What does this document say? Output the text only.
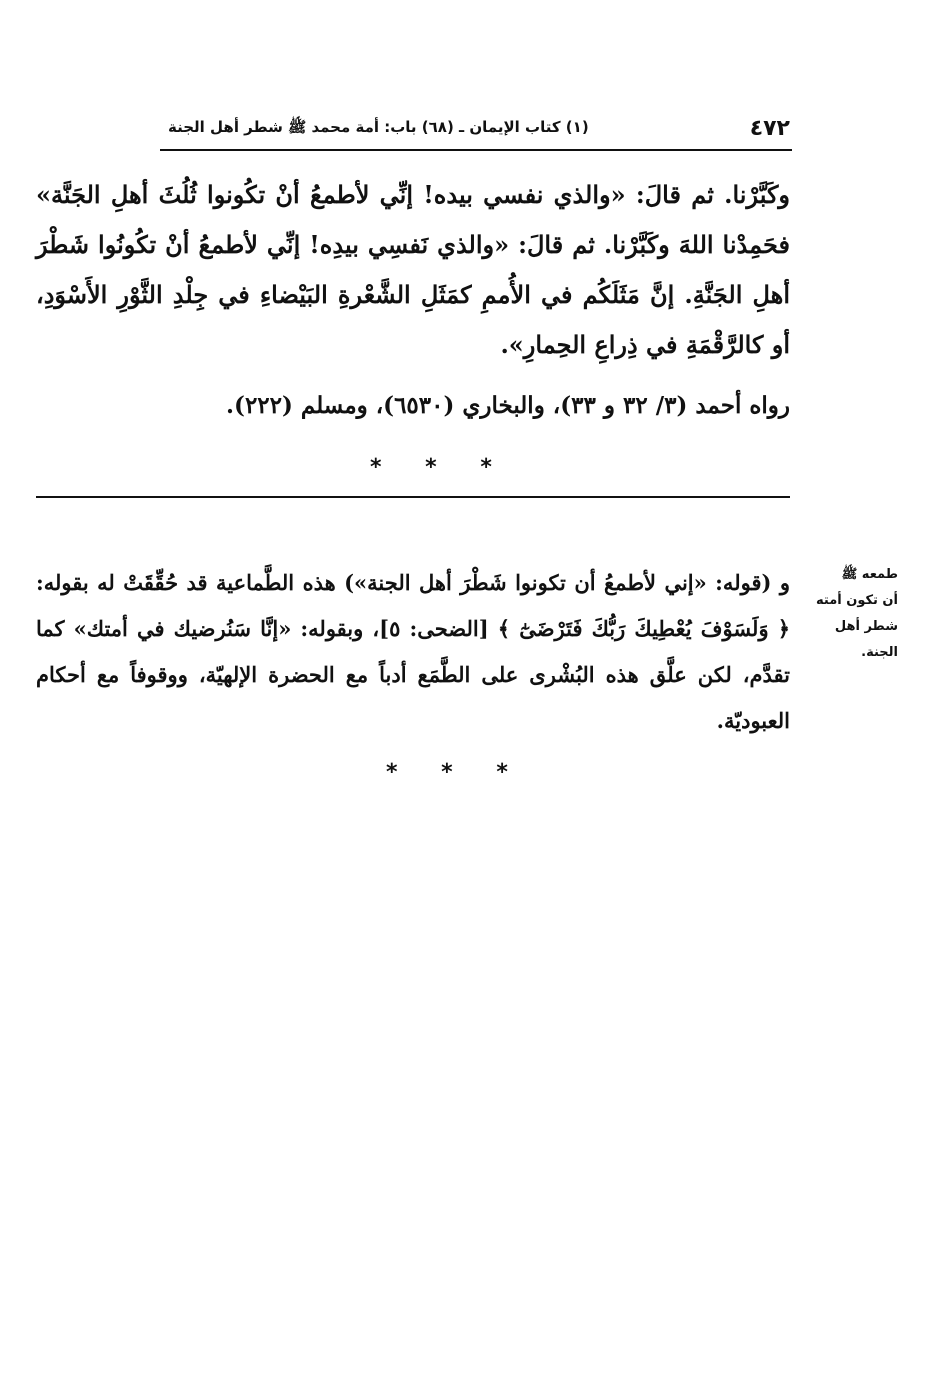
٤٧٢
(١) كتاب الإيمان ـ (٦٨) باب: أمة محمد ﷺ شطر أهل الجنة

وكَبَّرْنا. ثم قالَ: «والذي نفسي بيده! إنِّي لأطمعُ أنْ تكُونوا ثُلُثَ أهلِ الجَنَّة» فحَمِدْنا اللهَ وكَبَّرْنا. ثم قالَ: «والذي نَفسِي بيدِه! إنِّي لأطمعُ أنْ تكُونُوا شَطْرَ أهلِ الجَنَّةِ. إنَّ مَثَلَكُم في الأُممِ كمَثَلِ الشَّعْرةِ البَيْضاءِ في جِلْدِ الثَّوْرِ الأَسْوَدِ، أو كالرَّقْمَةِ في ذِراعِ الحِمارِ».

رواه أحمد (٣/ ٣٢ و ٣٣)، والبخاري (٦٥٣٠)، ومسلم (٢٢٢).
* * *
طمعه ﷺ
أن تكون أمته
شطر أهل
الجنة.

و (قوله: «إني لأطمعُ أن تكونوا شَطْرَ أهل الجنة») هذه الطَّماعية قد حُقِّقَتْ له بقوله: ﴿ وَلَسَوْفَ يُعْطِيكَ رَبُّكَ فَتَرْضَىٰٓ ﴾ [الضحى: ٥]، وبقوله: «إنَّا سَنُرضيك في أمتك» كما تقدَّم، لكن علَّق هذه البُشْرى على الطَّمَع أدباً مع الحضرة الإلهيّة، ووقوفاً مع أحكام العبوديّة.

* * *
